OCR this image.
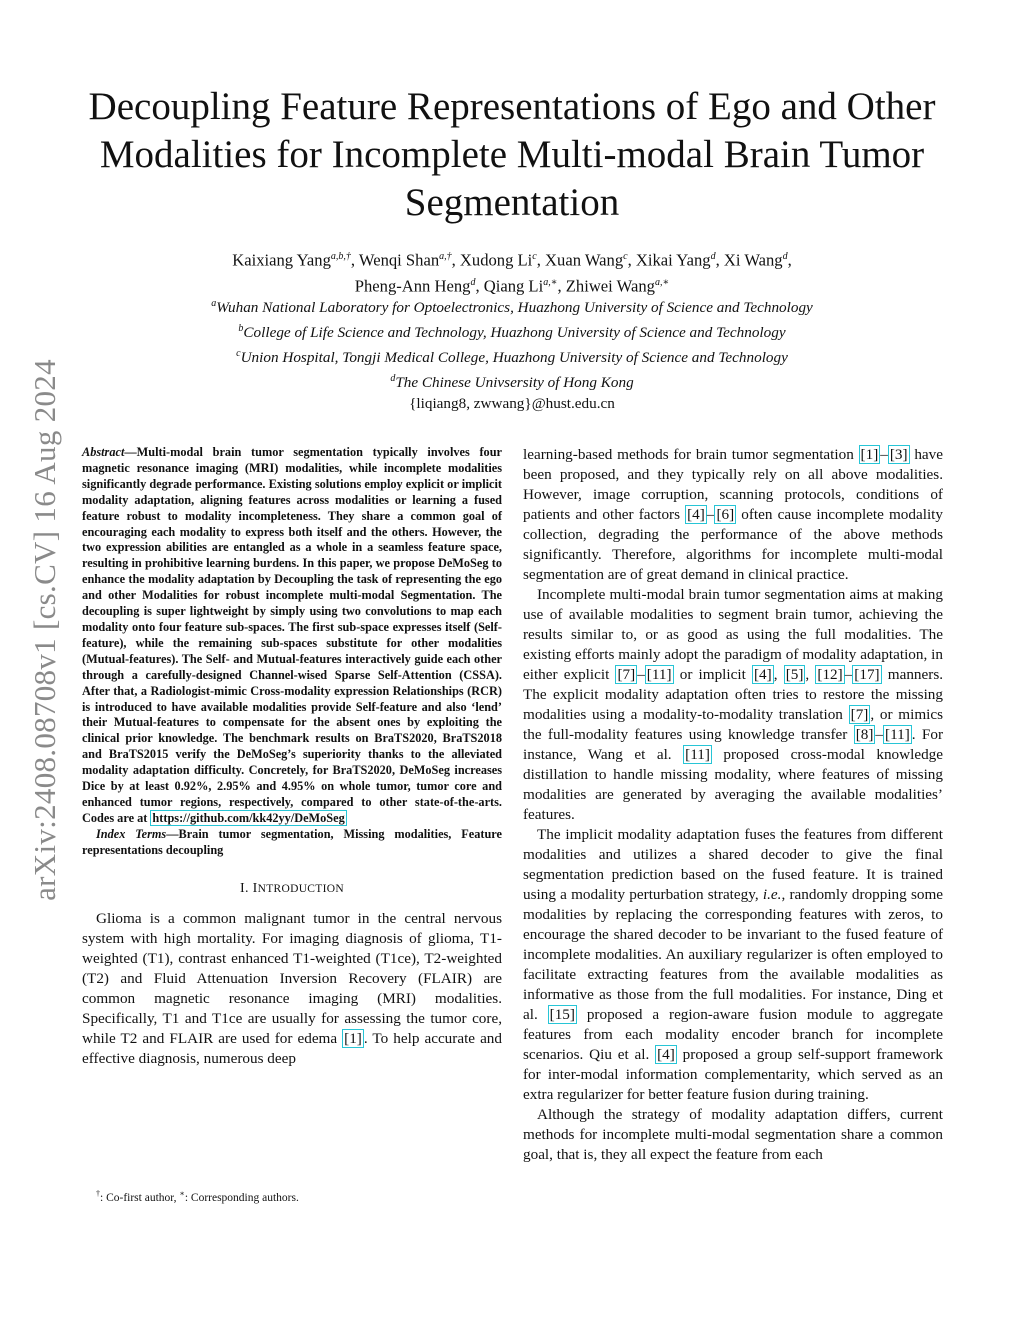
arXiv:2408.08708v1 [cs.CV] 16 Aug 2024
Decoupling Feature Representations of Ego and Other Modalities for Incomplete Multi-modal Brain Tumor Segmentation
Kaixiang Yang$^{a,b,\dagger}$, Wenqi Shan$^{a,\dagger}$, Xudong Li$^c$, Xuan Wang$^c$, Xikai Yang$^d$, Xi Wang$^d$,
Pheng-Ann Heng$^d$, Qiang $Li^{a,∗}$, Zhiwei Wang$^{a,∗}$
$^a$Wuhan National Laboratory for Optoelectronics, Huazhong University of Science and Technology
$^b$College of Life Science and Technology, Huazhong University of Science and Technology
$^c$Union Hospital, Tongji Medical College, Huazhong University of Science and Technology
$^d$The Chinese Univsersity of Hong Kong
{liqiang8, zwwang}@hust.edu.cn

Abstract—Multi-modal brain tumor segmentation typically involves four magnetic resonance imaging (MRI) modalities, while incomplete modalities significantly degrade performance. Existing solutions employ explicit or implicit modality adaptation, aligning features across modalities or learning a fused feature robust to modality incompleteness. They share a common goal of encouraging each modality to express both itself and the others. However, the two expression abilities are entangled as a whole in a seamless feature space, resulting in prohibitive learning burdens. In this paper, we propose DeMoSeg to enhance the modality adaptation by Decoupling the task of representing the ego and other Modalities for robust incomplete multi-modal Segmentation. The decoupling is super lightweight by simply using two convolutions to map each modality onto four feature sub-spaces. The first sub-space expresses itself (Self-feature), while the remaining sub-spaces substitute for other modalities (Mutual-features). The Self- and Mutual-features interactively guide each other through a carefully-designed Channel-wised Sparse Self-Attention (CSSA). After that, a Radiologist-mimic Cross-modality expression Relationships (RCR) is introduced to have available modalities provide Self-feature and also ‘lend’ their Mutual-features to compensate for the absent ones by exploiting the clinical prior knowledge. The benchmark results on BraTS2020, BraTS2018 and BraTS2015 verify the DeMoSeg’s superiority thanks to the alleviated modality adaptation difficulty. Concretely, for BraTS2020, DeMoSeg increases Dice by at least 0.92%, 2.95% and 4.95% on whole tumor, tumor core and enhanced tumor regions, respectively, compared to other state-of-the-arts. Codes are at https://github.com/kk42yy/DeMoSeg

Index Terms—Brain tumor segmentation, Missing modalities, Feature representations decoupling

I. INTRODUCTION

Glioma is a common malignant tumor in the central nervous system with high mortality. For imaging diagnosis of glioma, T1-weighted (T1), contrast enhanced T1-weighted (T1ce), T2-weighted (T2) and Fluid Attenuation Inversion Recovery (FLAIR) are common magnetic resonance imaging (MRI) modalities. Specifically, T1 and T1ce are usually for assessing the tumor core, while T2 and FLAIR are used for edema [1] . To help accurate and effective diagnosis, numerous deep

†: Co-first author, ∗: Corresponding authors.

learning-based methods for brain tumor segmentation [1] – [3] have been proposed, and they typically rely on all above modalities. However, image corruption, scanning protocols, conditions of patients and other factors [4] – [6] often cause incomplete modality collection, degrading the performance of the above methods significantly. Therefore, algorithms for incomplete multi-modal segmentation are of great demand in clinical practice.

Incomplete multi-modal brain tumor segmentation aims at making use of available modalities to segment brain tumor, achieving the results similar to, or as good as using the full modalities. The existing efforts mainly adopt the paradigm of modality adaptation, in either explicit [7] – [11] or implicit [4] , [5] , [12] – [17] manners. The explicit modality adaptation often tries to restore the missing modalities using a modality-to-modality translation [7] , or mimics the full-modality features using knowledge transfer [8] – [11] . For instance, Wang et al. [11] proposed cross-modal knowledge distillation to handle missing modality, where features of missing modalities are generated by averaging the available modalities’ features.

The implicit modality adaptation fuses the features from different modalities and utilizes a shared decoder to give the final segmentation prediction based on the fused feature. It is trained using a modality perturbation strategy, i.e., randomly dropping some modalities by replacing the corresponding features with zeros, to encourage the shared decoder to be invariant to the fused feature of incomplete modalities. An auxiliary regularizer is often employed to facilitate extracting features from the available modalities as informative as those from the full modalities. For instance, Ding et al. [15] proposed a region-aware fusion module to aggregate features from each modality encoder branch for incomplete scenarios. Qiu et al. [4] proposed a group self-support framework for inter-modal information complementarity, which served as an extra regularizer for better feature fusion during training.

Although the strategy of modality adaptation differs, current methods for incomplete multi-modal segmentation share a common goal, that is, they all expect the feature from each
